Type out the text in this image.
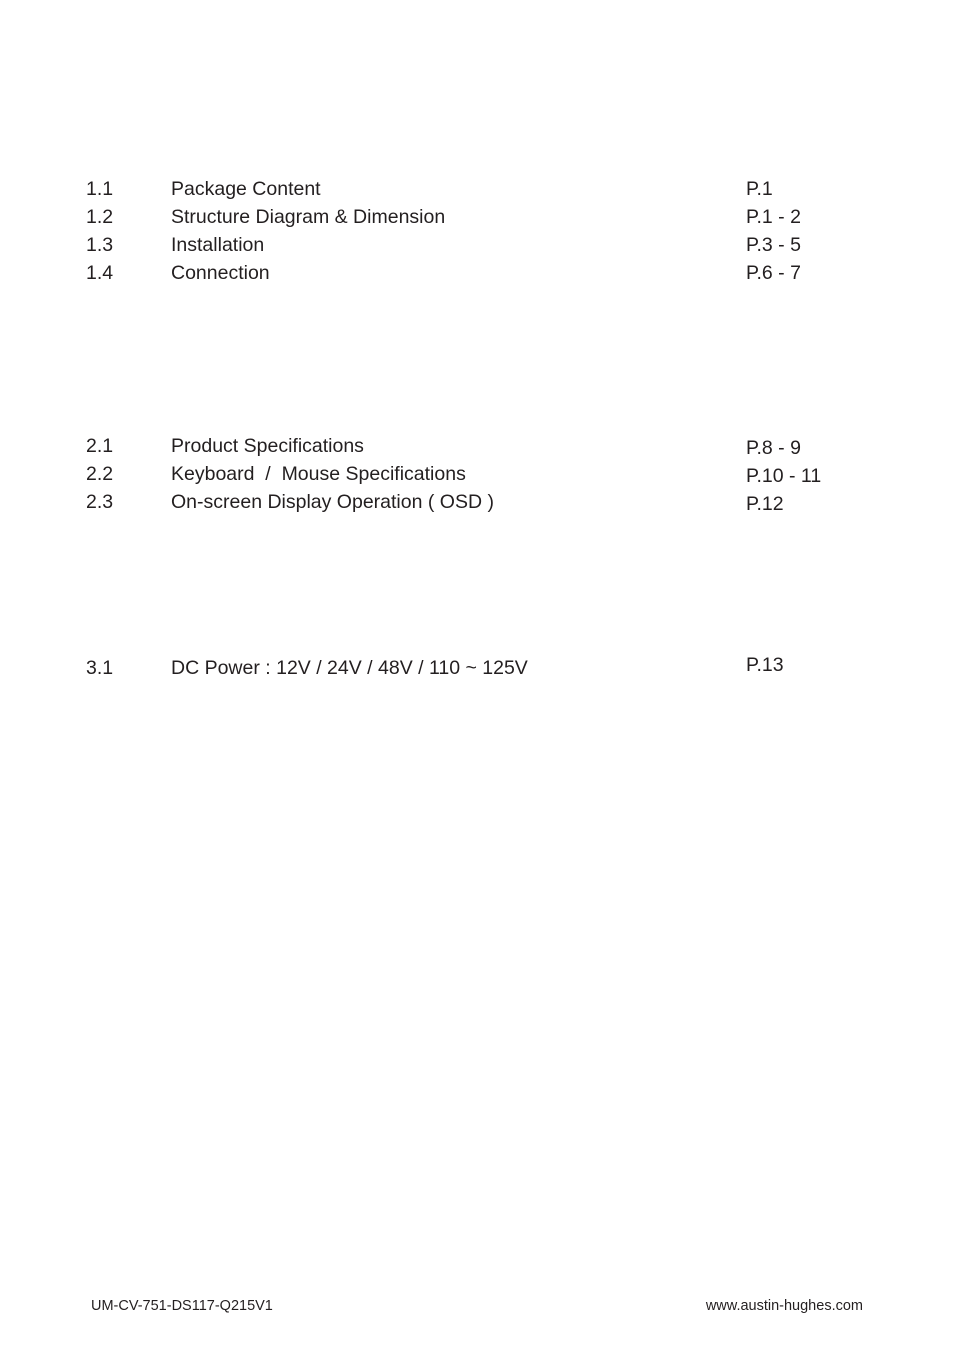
1.1	Package Content	P.1
1.2	Structure Diagram & Dimension	P.1 - 2
1.3	Installation	P.3 - 5
1.4	Connection	P.6 - 7
2.1	Product Specifications	P.8 - 9
2.2	Keyboard  /  Mouse Specifications	P.10 - 11
2.3	On-screen Display Operation ( OSD )	P.12
3.1	DC Power : 12V / 24V / 48V / 110 ~ 125V	P.13
UM-CV-751-DS117-Q215V1	www.austin-hughes.com
